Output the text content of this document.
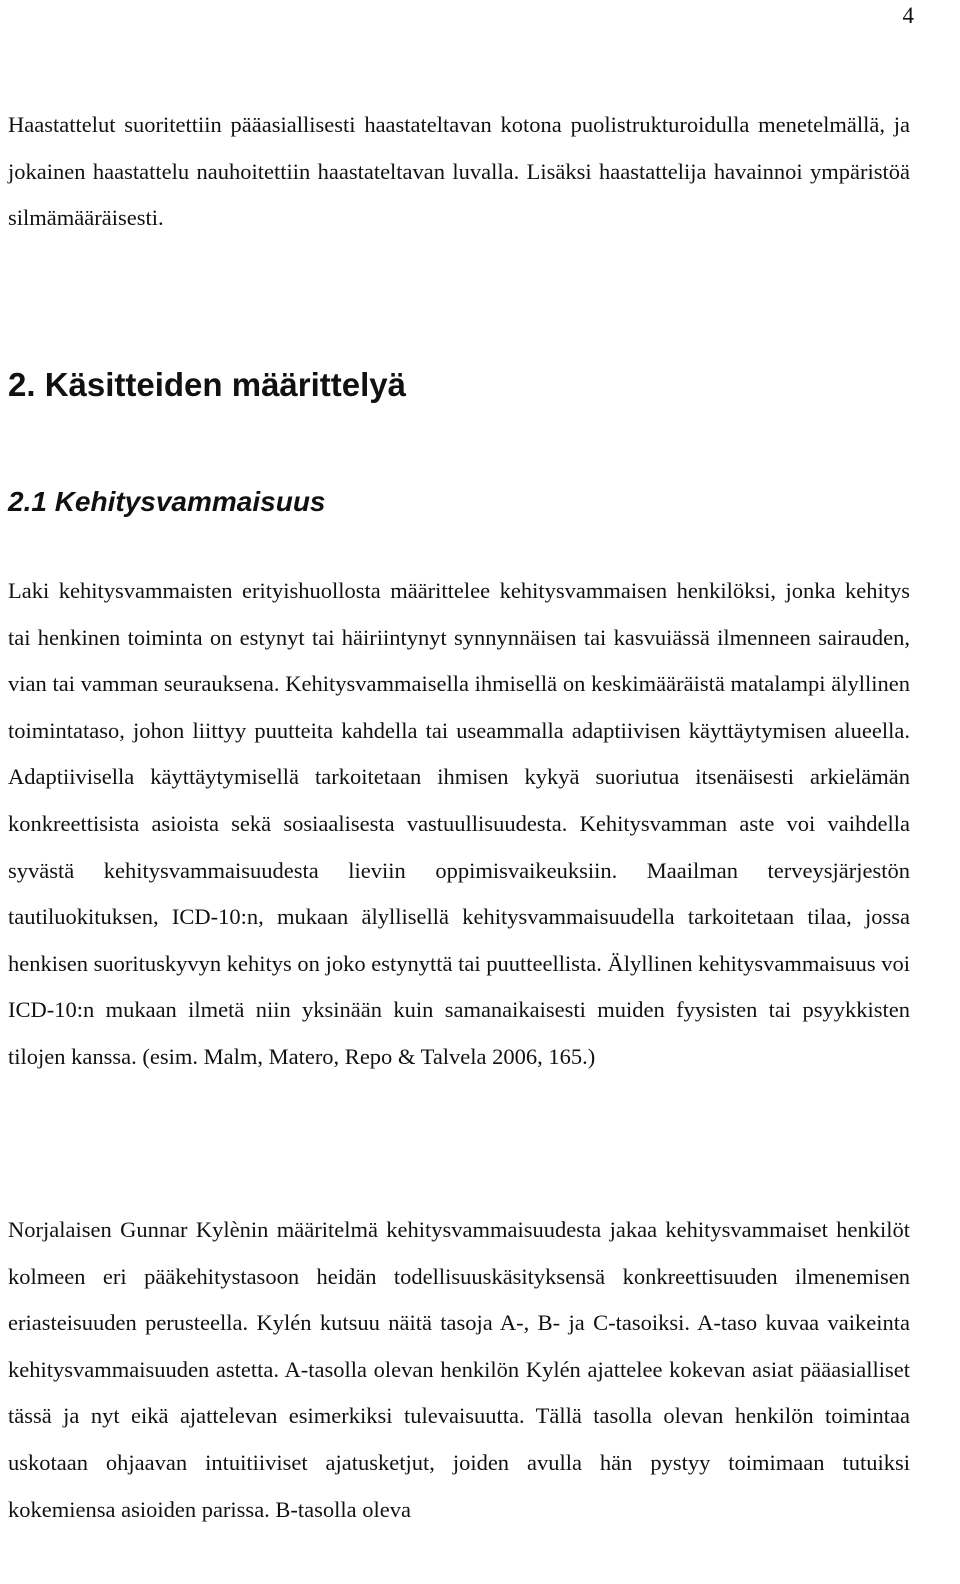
4

Haastattelut suoritettiin pääasiallisesti haastateltavan kotona puolistrukturoidulla menetelmällä, ja jokainen haastattelu nauhoitettiin haastateltavan luvalla. Lisäksi haastattelija havainnoi ympäristöä silmämääräisesti.

2. Käsitteiden määrittelyä
2.1 Kehitysvammaisuus

Laki kehitysvammaisten erityishuollosta määrittelee kehitysvammaisen henkilöksi, jonka kehitys tai henkinen toiminta on estynyt tai häiriintynyt synnynnäisen tai kasvuiässä ilmenneen sairauden, vian tai vamman seurauksena. Kehitysvammaisella ihmisellä on keskimääräistä matalampi älyllinen toimintataso, johon liittyy puutteita kahdella tai useammalla adaptiivisen käyttäytymisen alueella. Adaptiivisella käyttäytymisellä tarkoitetaan ihmisen kykyä suoriutua itsenäisesti arkielämän konkreettisista asioista sekä sosiaalisesta vastuullisuudesta. Kehitysvamman aste voi vaihdella syvästä kehitysvammaisuudesta lieviin oppimisvaikeuksiin. Maailman terveysjärjestön tautiluokituksen, ICD-10:n, mukaan älyllisellä kehitysvammaisuudella tarkoitetaan tilaa, jossa henkisen suorituskyvyn kehitys on joko estynyttä tai puutteellista. Älyllinen kehitysvammaisuus voi ICD-10:n mukaan ilmetä niin yksinään kuin samanaikaisesti muiden fyysisten tai psyykkisten tilojen kanssa. (esim. Malm, Matero, Repo & Talvela 2006, 165.)

Norjalaisen Gunnar Kylènin määritelmä kehitysvammaisuudesta jakaa kehitysvammaiset henkilöt kolmeen eri pääkehitystasoon heidän todellisuuskäsityksensä konkreettisuuden ilmenemisen eriasteisuuden perusteella. Kylén kutsuu näitä tasoja A-, B- ja C-tasoiksi. A-taso kuvaa vaikeinta kehitysvammaisuuden astetta. A-tasolla olevan henkilön Kylén ajattelee kokevan asiat pääasialliset tässä ja nyt eikä ajattelevan esimerkiksi tulevaisuutta. Tällä tasolla olevan henkilön toimintaa uskotaan ohjaavan intuitiiviset ajatusketjut, joiden avulla hän pystyy toimimaan tutuiksi kokemiensa asioiden parissa. B-tasolla oleva
